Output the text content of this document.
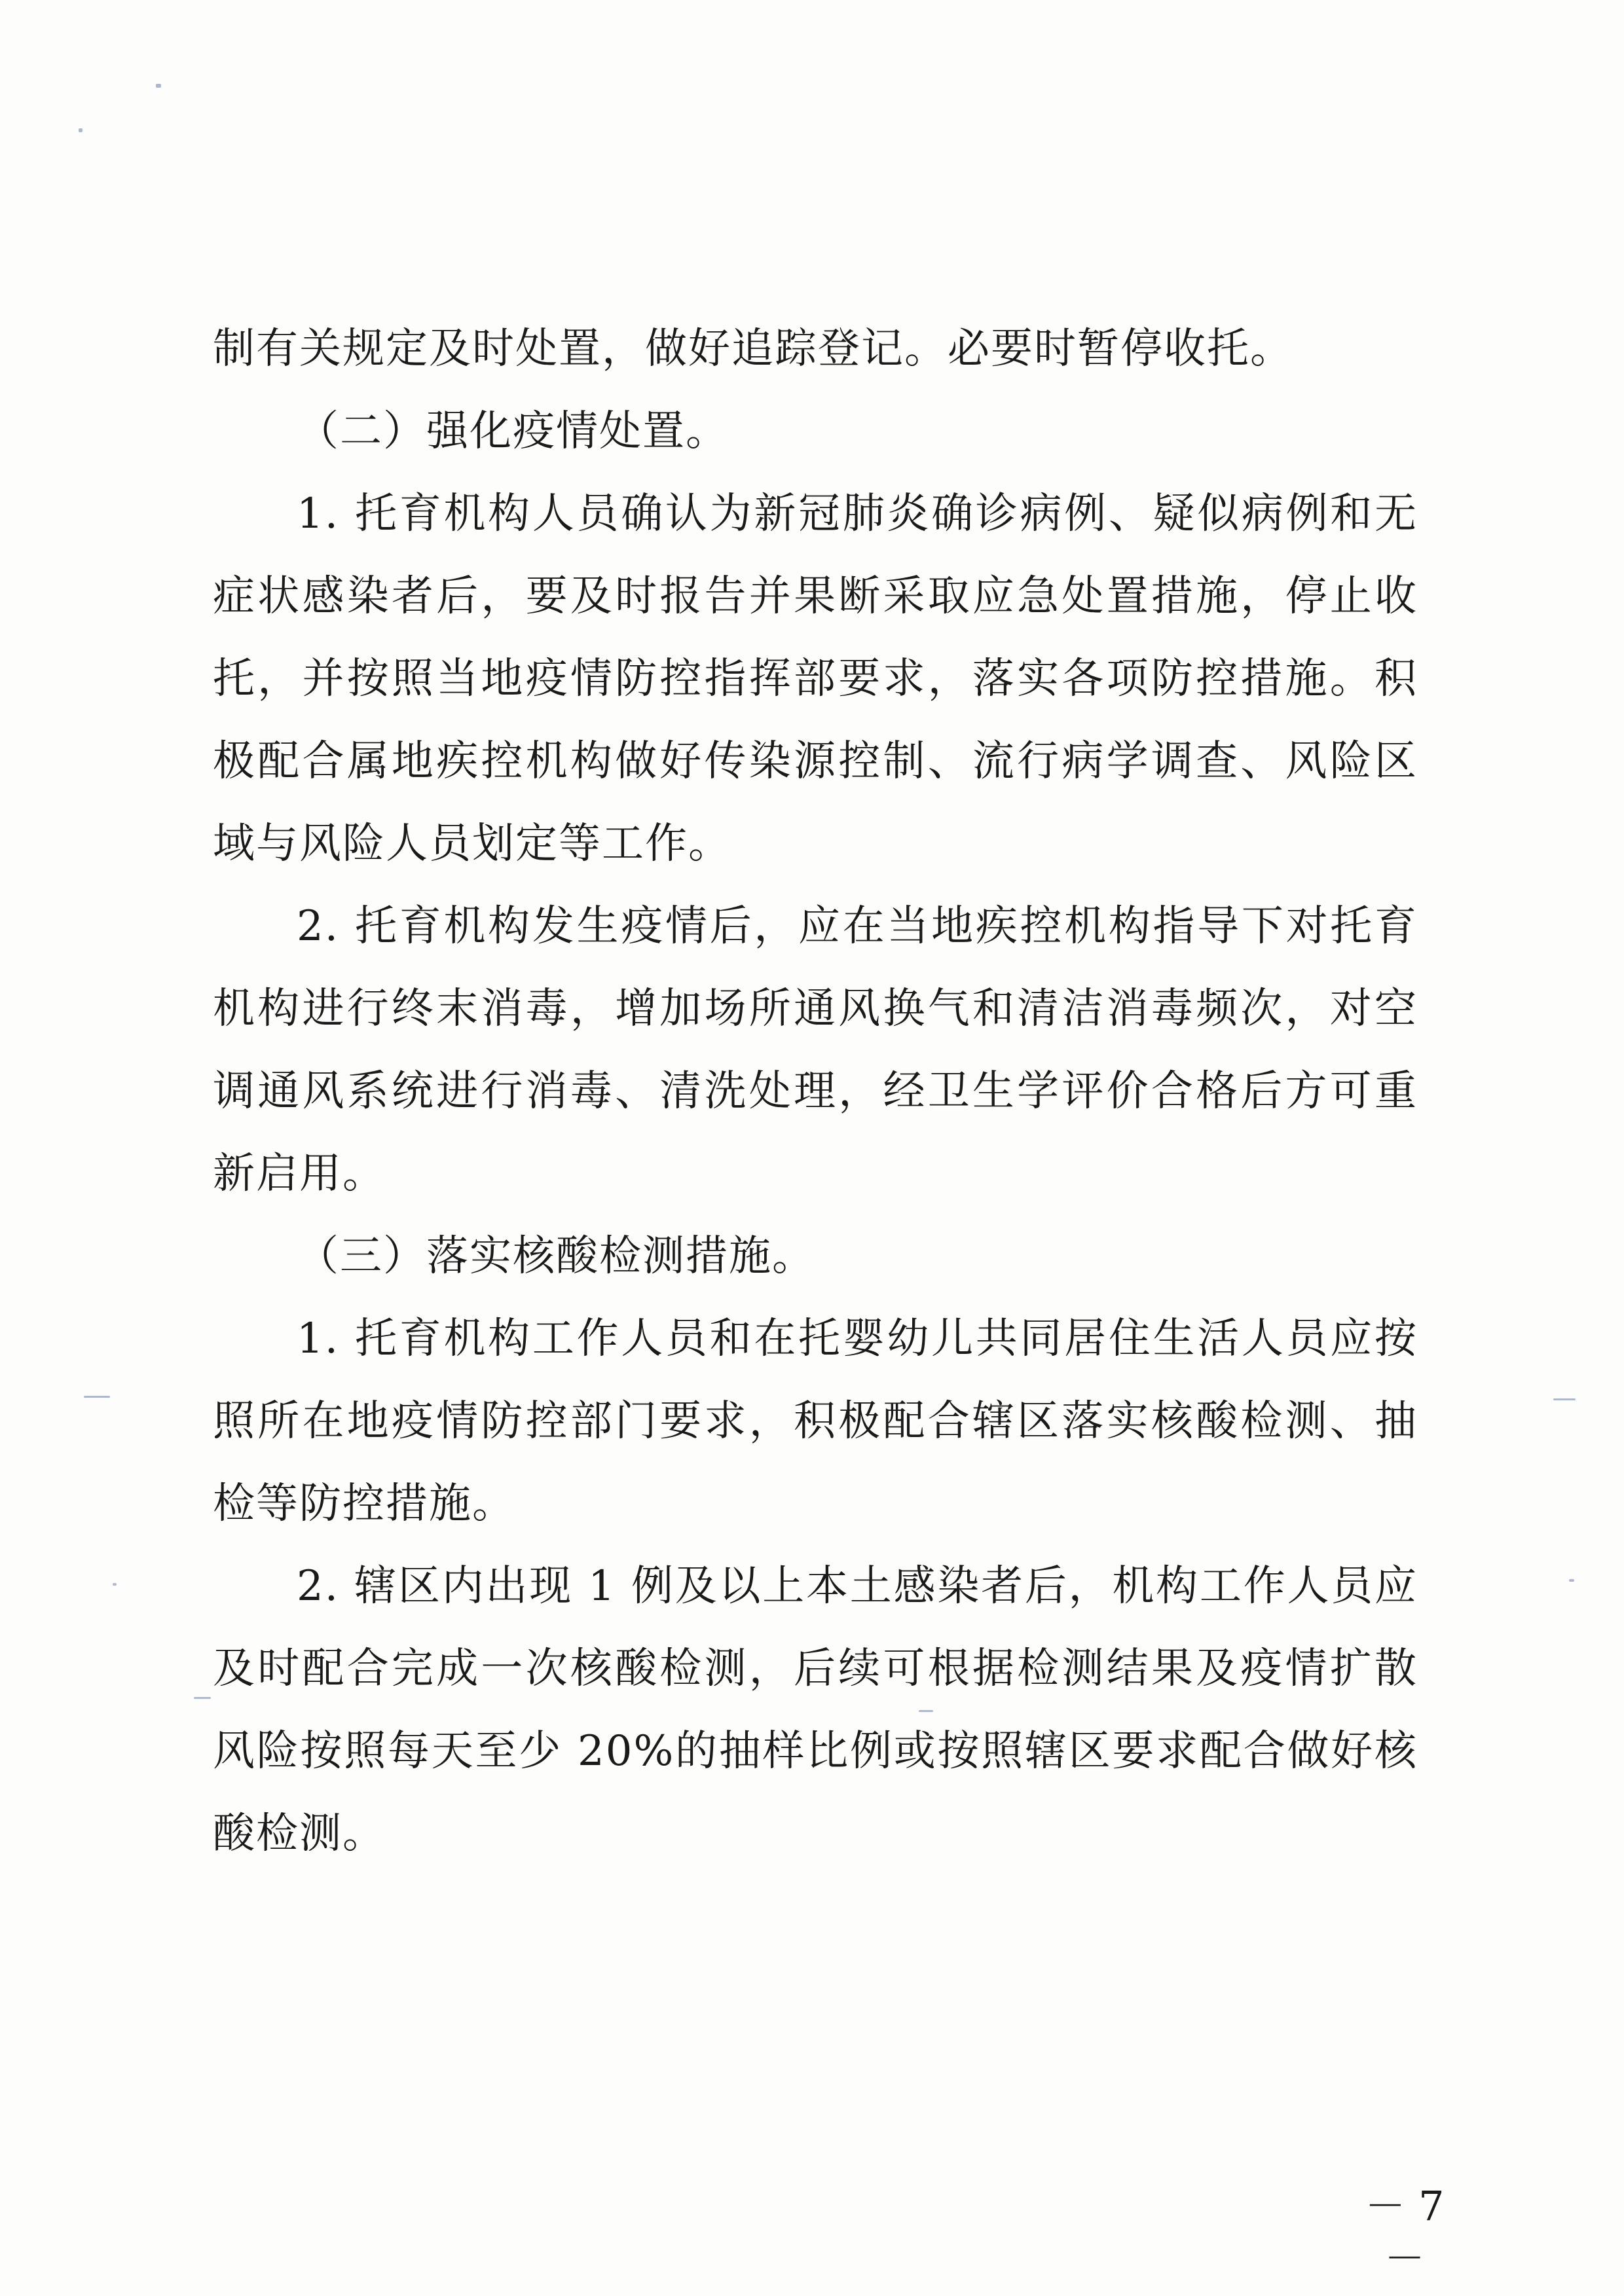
制有关规定及时处置，做好追踪登记。必要时暂停收托。

（二）强化疫情处置。

1. 托育机构人员确认为新冠肺炎确诊病例、疑似病例和无症状感染者后，要及时报告并果断采取应急处置措施，停止收托，并按照当地疫情防控指挥部要求，落实各项防控措施。积极配合属地疾控机构做好传染源控制、流行病学调查、风险区域与风险人员划定等工作。

2. 托育机构发生疫情后，应在当地疾控机构指导下对托育机构进行终末消毒，增加场所通风换气和清洁消毒频次，对空调通风系统进行消毒、清洗处理，经卫生学评价合格后方可重新启用。

（三）落实核酸检测措施。

1. 托育机构工作人员和在托婴幼儿共同居住生活人员应按照所在地疫情防控部门要求，积极配合辖区落实核酸检测、抽检等防控措施。

2. 辖区内出现 1 例及以上本土感染者后，机构工作人员应及时配合完成一次核酸检测，后续可根据检测结果及疫情扩散风险按照每天至少 20%的抽样比例或按照辖区要求配合做好核酸检测。

－ 7 －
